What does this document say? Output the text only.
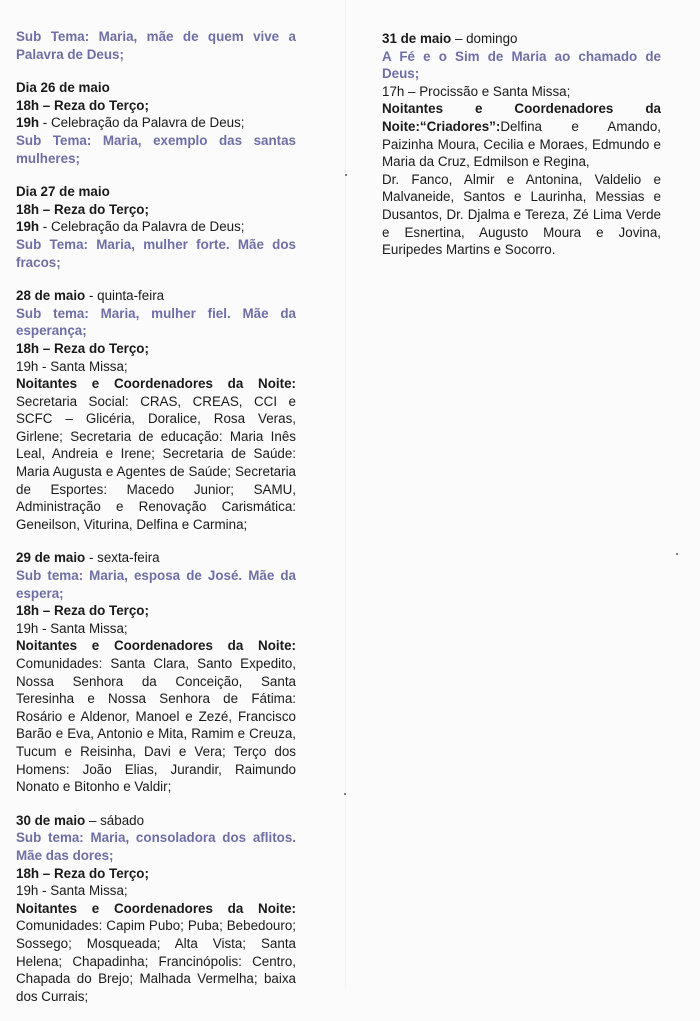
Sub Tema: Maria, mãe de quem vive a Palavra de Deus;
Dia 26 de maio
18h – Reza do Terço;
19h - Celebração da Palavra de Deus;
Sub Tema: Maria, exemplo das santas mulheres;
Dia 27 de maio
18h – Reza do Terço;
19h - Celebração da Palavra de Deus;
Sub Tema: Maria, mulher forte. Mãe dos fracos;
28 de maio - quinta-feira
Sub tema: Maria, mulher fiel. Mãe da esperança;
18h – Reza do Terço;
19h - Santa Missa;
Noitantes e Coordenadores da Noite: Secretaria Social: CRAS, CREAS, CCI e SCFC – Glicéria, Doralice, Rosa Veras, Girlene; Secretaria de educação: Maria Inês Leal, Andreia e Irene; Secretaria de Saúde: Maria Augusta e Agentes de Saúde; Secretaria de Esportes: Macedo Junior; SAMU, Administração e Renovação Carismática: Geneilson, Viturina, Delfina e Carmina;
29 de maio - sexta-feira
Sub tema: Maria, esposa de José. Mãe da espera;
18h – Reza do Terço;
19h - Santa Missa;
Noitantes e Coordenadores da Noite: Comunidades: Santa Clara, Santo Expedito, Nossa Senhora da Conceição, Santa Teresinha e Nossa Senhora de Fátima: Rosário e Aldenor, Manoel e Zezé, Francisco Barão e Eva, Antonio e Mita, Ramim e Creuza, Tucum e Reisinha, Davi e Vera; Terço dos Homens: João Elias, Jurandir, Raimundo Nonato e Bitonho e Valdir;
30 de maio – sábado
Sub tema: Maria, consoladora dos aflitos. Mãe das dores;
18h – Reza do Terço;
19h - Santa Missa;
Noitantes e Coordenadores da Noite: Comunidades: Capim Pubo; Puba; Bebedouro; Sossego; Mosqueada; Alta Vista; Santa Helena; Chapadinha; Francinópolis: Centro, Chapada do Brejo; Malhada Vermelha; baixa dos Currais;
31 de maio – domingo
A Fé e o Sim de Maria ao chamado de Deus;
17h – Procissão e Santa Missa;
Noitantes e Coordenadores da Noite:“Criadores”:Delfina e Amando, Paizinha Moura, Cecilia e Moraes, Edmundo e Maria da Cruz, Edmilson e Regina,
Dr. Fanco, Almir e Antonina, Valdelio e Malvaneide, Santos e Laurinha, Messias e Dusantos, Dr. Djalma e Tereza, Zé Lima Verde e Esnertina, Augusto Moura e Jovina, Euripedes Martins e Socorro.
